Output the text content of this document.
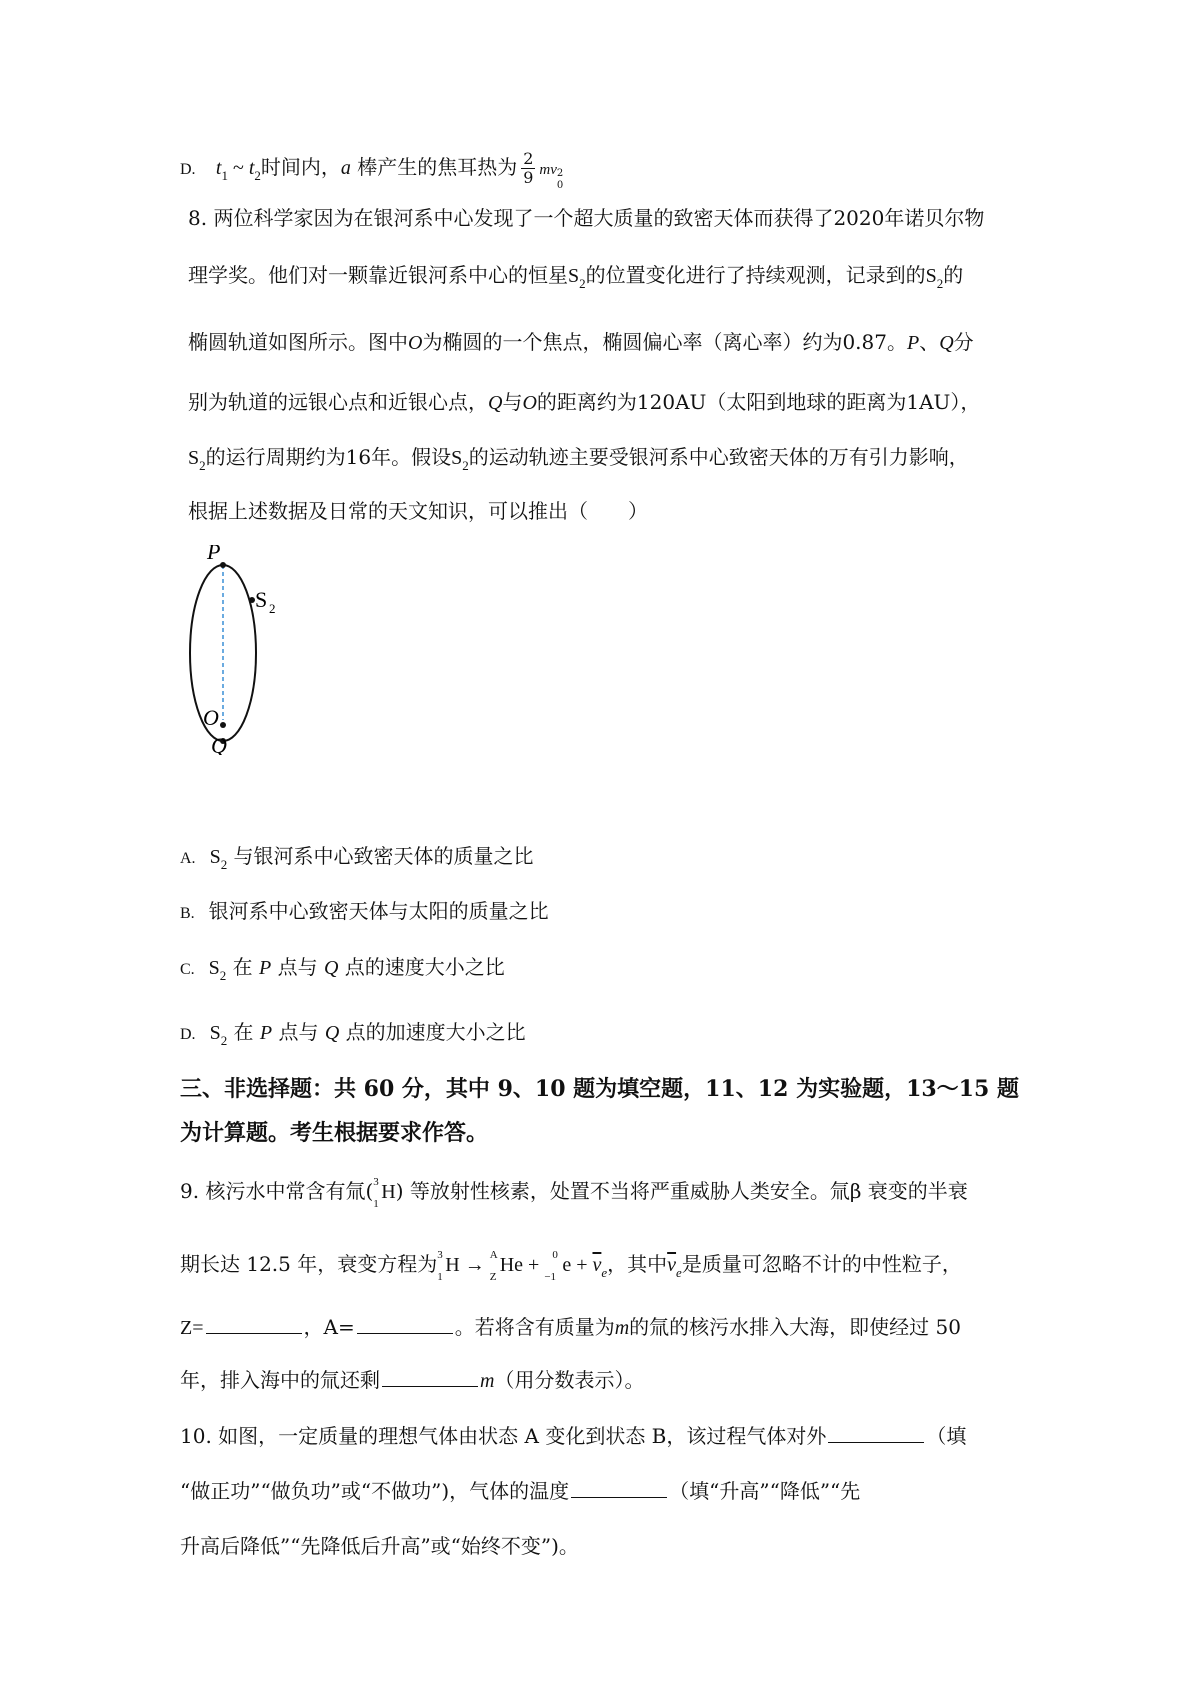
D. $t_1$ ~ $t_2$时间内，a 棒产生的焦耳热为 $\frac{2}{9}$ mv 2
0
8. 两位科学家因为在银河系中心发现了一个超大质量的致密天体而获得了2020年诺贝尔物
理学奖。他们对一颗靠近银河系中心的恒星$S_2$的位置变化进行了持续观测，记录到的$S_2$的
椭圆轨道如图所示。图中O为椭圆的一个焦点，椭圆偏心率（离心率）约为0.87。P、Q分
别为轨道的远银心点和近银心点，Q与O的距离约为120AU（太阳到地球的距离为1AU），
$S_2$的运行周期约为16年。假设$S_2$的运动轨迹主要受银河系中心致密天体的万有引力影响，
根据上述数据及日常的天文知识，可以推出（　　）
P
S 2
O
Q
A. $S_2$ 与银河系中心致密天体的质量之比
B. 银河系中心致密天体与太阳的质量之比
C. $S_2$ 在 P 点与 Q 点的速度大小之比
D. $S_2$ 在 P 点与 Q 点的加速度大小之比
三、非选择题：共 60 分，其中 9、10 题为填空题，11、12 为实验题，13～15 题
为计算题。考生根据要求作答。
9. 核污水中常含有氚( 3
1
H) 等放射性核素，处置不当将严重威胁人类安全。氚β 衰变的半衰
期长达 12.5 年，衰变方程为 3
1
H → A
Z
He + 0
−1
$e + \overline{\nu}_e$，其中$\overline{\nu}_e$是质量可忽略不计的中性粒子，
Z=	，A=	。若将含有质量为m的氚的核污水排入大海，即使经过 50
年，排入海中的氚还剩	m（用分数表示）。
10. 如图，一定质量的理想气体由状态 A 变化到状态 B，该过程气体对外	（填
“做正功”“做负功”或“不做功”)，气体的温度	（填“升高”“降低”“先
升高后降低”“先降低后升高”或“始终不变”)。
